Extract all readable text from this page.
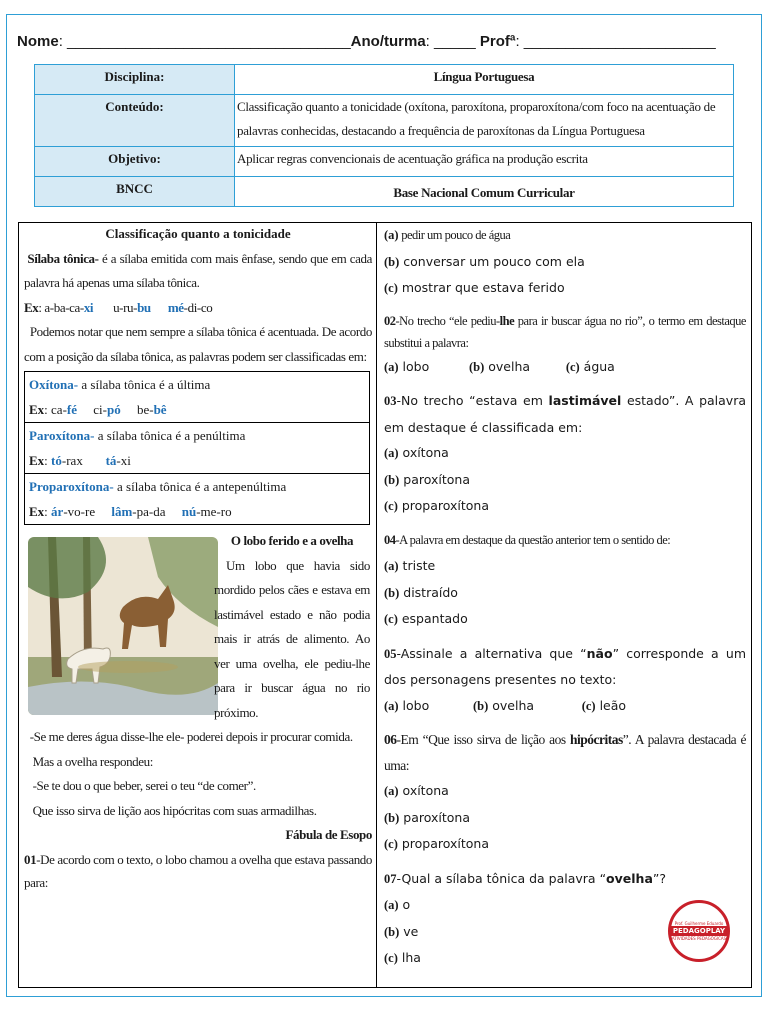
Nome: __________________________________Ano/turma: _____ Profª: _______________________
Disciplina:	Língua Portuguesa
Conteúdo:	Classificação quanto a tonicidade (oxítona, paroxítona, proparoxítona/com foco na acentuação de palavras conhecidas, destacando a frequência de paroxítonas da Língua Portuguesa
Objetivo:	Aplicar regras convencionais de acentuação gráfica na produção escrita
BNCC	Base Nacional Comum Curricular
Classificação quanto a tonicidade

Sílaba tônica- é a sílaba emitida com mais ênfase, sendo que em cada palavra há apenas uma sílaba tônica.

Ex: a-ba-ca-xi u-ru-bu mé-di-co

Podemos notar que nem sempre a sílaba tônica é acentuada. De acordo com a posição da sílaba tônica, as palavras podem ser classificadas em:

Oxítona- a sílaba tônica é a última
Ex: ca-fé ci-pó be-bê

Paroxítona- a sílaba tônica é a penúltima
Ex: tó-rax tá-xi

Proparoxítona- a sílaba tônica é a antepenúltima
Ex: ár-vo-re lâm-pa-da nú-me-ro
O lobo ferido e a ovelha

Um lobo que havia sido mordido pelos cães e estava em lastimável estado e não podia mais ir atrás de alimento. Ao ver uma ovelha, ele pediu-lhe para ir buscar água no rio próximo.

-Se me deres água disse-lhe ele- poderei depois ir procurar comida.

Mas a ovelha respondeu:

-Se te dou o que beber, serei o teu “de comer”.

Que isso sirva de lição aos hipócritas com suas armadilhas.

Fábula de Esopo

01-De acordo com o texto, o lobo chamou a ovelha que estava passando para:

(a) pedir um pouco de água
(b) conversar um pouco com ela
(c) mostrar que estava ferido
02-No trecho “ele pediu-lhe para ir buscar água no rio”, o termo em destaque substitui a palavra:
(a) lobo	(b) ovelha	(c) água
03-No trecho “estava em lastimável estado”. A palavra em destaque é classificada em:
(a) oxítona
(b) paroxítona
(c) proparoxítona
04-A palavra em destaque da questão anterior tem o sentido de:
(a) triste
(b) distraído
(c) espantado
05-Assinale a alternativa que “não” corresponde a um dos personagens presentes no texto:
(a) lobo	(b) ovelha	(c) leão
06-Em “Que isso sirva de lição aos hipócritas”. A palavra destacada é uma:
(a) oxítona
(b) paroxítona
(c) proparoxítona
07-Qual a sílaba tônica da palavra “ovelha”?
(a) o
(b) ve
(c) lha
Prof. Guilherme Eduardo
PEDAGOPLAY
ATIVIDADES PEDAGÓGICAS
